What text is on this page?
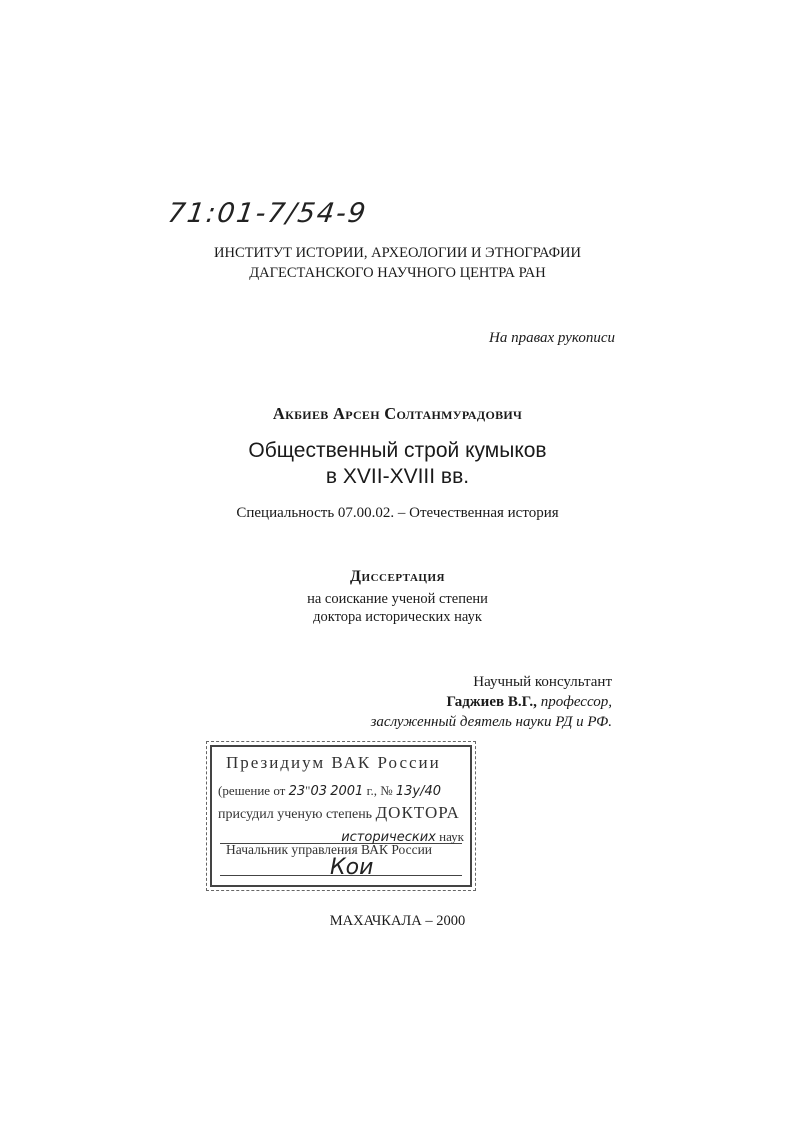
71:01-7/54-9
ИНСТИТУТ ИСТОРИИ, АРХЕОЛОГИИ И ЭТНОГРАФИИ
ДАГЕСТАНСКОГО НАУЧНОГО ЦЕНТРА РАН
На правах рукописи
Акбиев Арсен Солтанмурадович
Общественный строй кумыков
в XVII-XVIII вв.
Специальность 07.00.02. – Отечественная история
Диссертация
на соискание ученой степени
доктора исторических наук
Научный консультант
Гаджиев В.Г., профессор,
заслуженный деятель науки РД и РФ.
Президиум ВАК России
(решение от 23"03 2001 г., № 13у/40
присудил ученую степень ДОКТОРА
исторических наук
Начальник управления ВАК России
Кои
МАХАЧКАЛА – 2000
